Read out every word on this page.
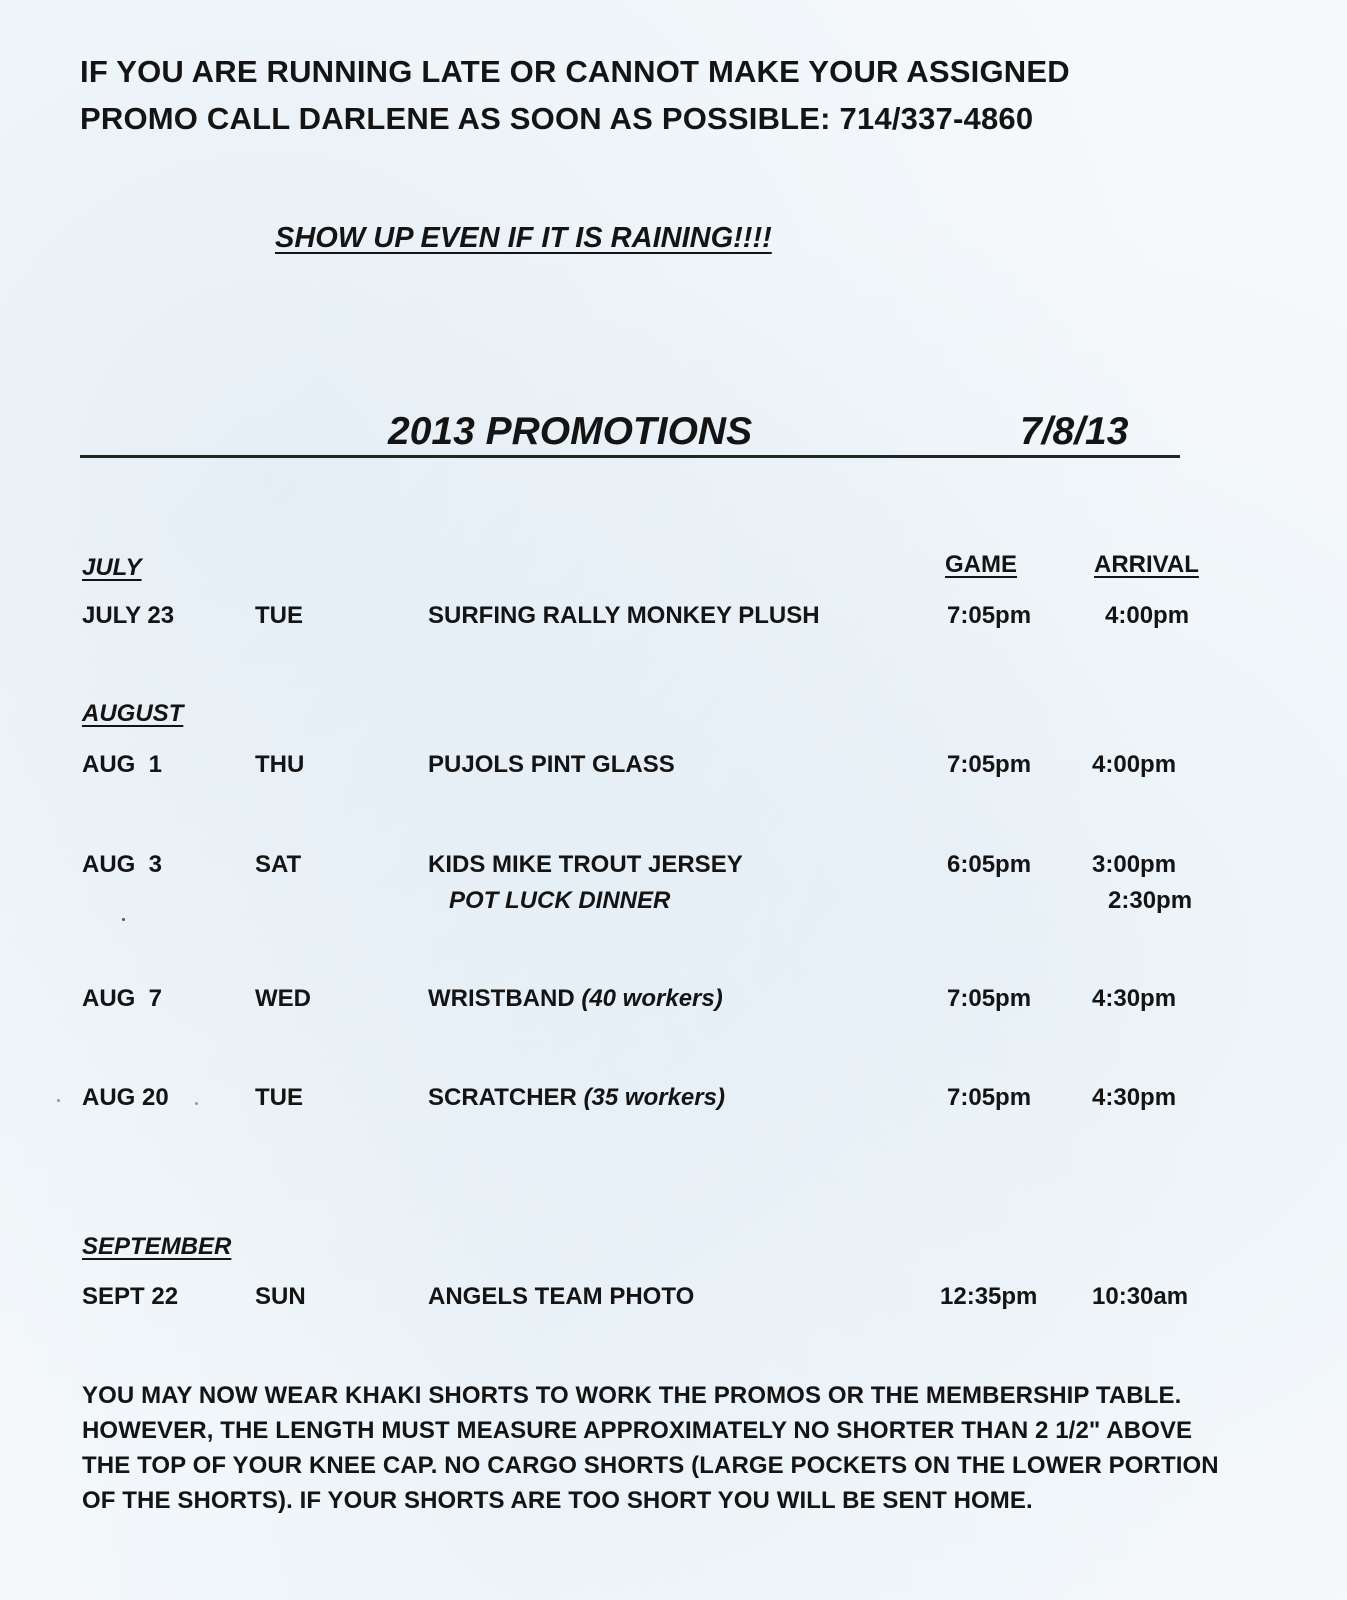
IF YOU ARE RUNNING LATE OR CANNOT MAKE YOUR ASSIGNED
PROMO CALL DARLENE AS SOON AS POSSIBLE: 714/337-4860
SHOW UP EVEN IF IT IS RAINING!!!!
2013 PROMOTIONS	7/8/13
JULY	GAME	ARRIVAL
JULY 23	TUE	SURFING RALLY MONKEY PLUSH	7:05pm	4:00pm
AUGUST
AUG  1	THU	PUJOLS PINT GLASS	7:05pm	4:00pm
AUG  3	SAT	KIDS MIKE TROUT JERSEY	6:05pm	3:00pm
POT LUCK DINNER	2:30pm
AUG  7	WED	WRISTBAND (40 workers)	7:05pm	4:30pm
AUG 20	TUE	SCRATCHER (35 workers)	7:05pm	4:30pm
SEPTEMBER
SEPT 22	SUN	ANGELS TEAM PHOTO	12:35pm 10:30am
YOU MAY NOW WEAR KHAKI SHORTS TO WORK THE PROMOS OR THE MEMBERSHIP TABLE.
HOWEVER, THE LENGTH MUST MEASURE APPROXIMATELY NO SHORTER THAN 2 1/2" ABOVE
THE TOP OF YOUR KNEE CAP. NO CARGO SHORTS (LARGE POCKETS ON THE LOWER PORTION
OF THE SHORTS). IF YOUR SHORTS ARE TOO SHORT YOU WILL BE SENT HOME.
